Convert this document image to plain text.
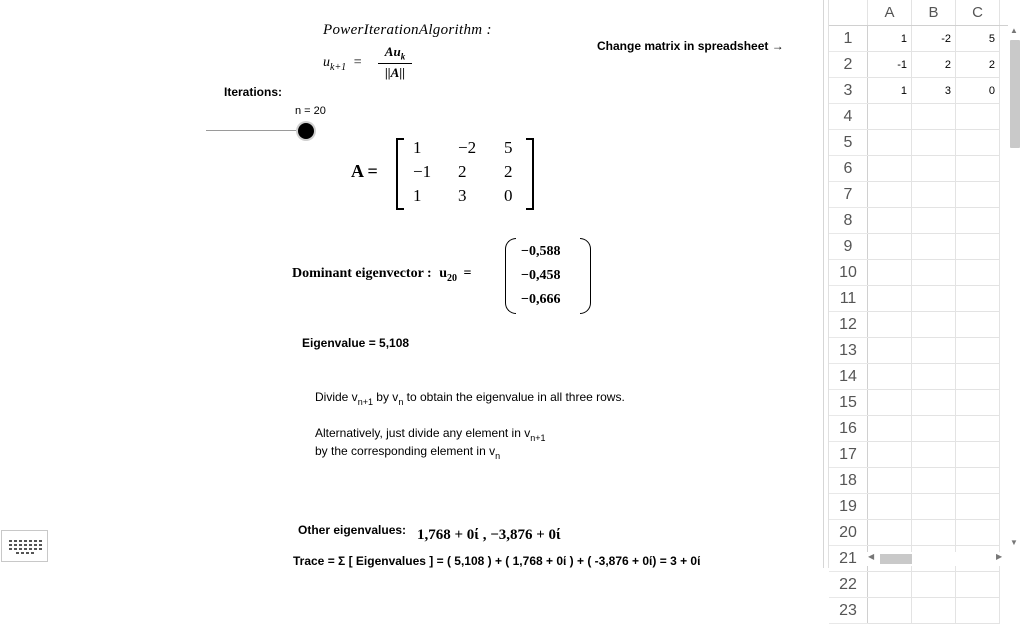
PowerIterationAlgorithm :
$u_{k+1}$ =
$Au_k$
||A||
Change matrix in spreadsheet →
Iterations:
n = 20
A =
1	−2	5
−1	2	2
1	3	0
Dominant eigenvector : $u_{20}$ =
−0,588
−0,458
−0,666
Eigenvalue = 5,108
Divide $v_{n+1}$ by $v_n$ to obtain the eigenvalue in all three rows.
Alternatively, just divide any element in $v_{n+1}$
by the corresponding element in $v_n$
Other eigenvalues: 1,768 + 0ί , −3,876 + 0ί
Trace = Σ [ Eigenvalues ] = ( 5,108 ) + ( 1,768 + 0ί ) + ( -3,876 + 0ί) = 3 + 0ί
	A	B	C	
1	1	-2	5	
2	-1	2	2	
3	1	3	0	
4				
5				
6				
7				
8				
9				
10				
11				
12				
13				
14				
15				
16				
17				
18				
19				
20				
21				
22				
23				
▲
▼
◀	▶
